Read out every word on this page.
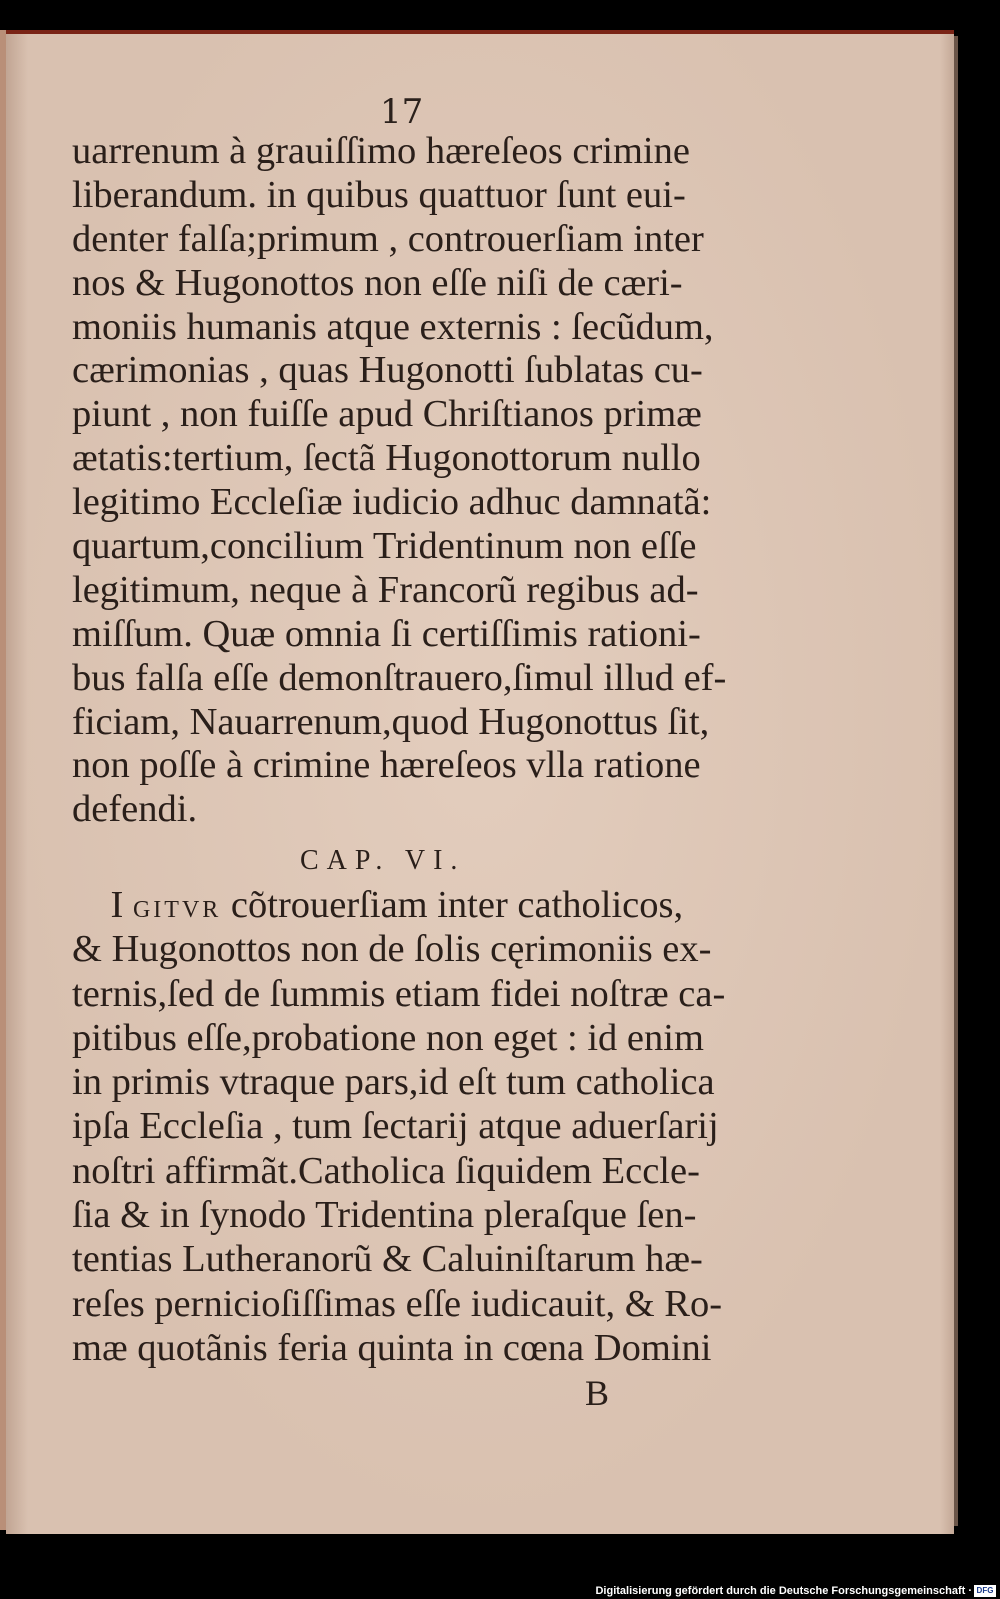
17
uarrenum à grauiſſimo hæreſeos crimine
liberandum. in quibus quattuor ſunt eui-
denter falſa;primum , controuerſiam inter
nos & Hugonottos non eſſe niſi de cæri-
moniis humanis atque externis : ſecũdum,
cærimonias , quas Hugonotti ſublatas cu-
piunt , non fuiſſe apud Chriſtianos primæ
ætatis:tertium, ſectã Hugonottorum nullo
legitimo Eccleſiæ iudicio adhuc damnatã:
quartum,concilium Tridentinum non eſſe
legitimum, neque à Francorũ regibus ad-
miſſum. Quæ omnia ſi certiſſimis rationi-
bus falſa eſſe demonſtrauero,ſimul illud ef-
ficiam, Nauarrenum,quod Hugonottus ſit,
non poſſe à crimine hæreſeos vlla ratione
defendi.
CAP. VI.
 I GITVR cõtrouerſiam inter catholicos,
& Hugonottos non de ſolis cęrimoniis ex-
ternis,ſed de ſummis etiam fidei noſtræ ca-
pitibus eſſe,probatione non eget : id enim
in primis vtraque pars,id eſt tum catholica
ipſa Eccleſia , tum ſectarij atque aduerſarij
noſtri affirmãt.Catholica ſiquidem Eccle-
ſia & in ſynodo Tridentina pleraſque ſen-
tentias Lutheranorũ & Caluiniſtarum hæ-
reſes pernicioſiſſimas eſſe iudicauit, & Ro-
mæ quotãnis feria quinta in cœna Domini
B
Digitalisierung gefördert durch die Deutsche Forschungsgemeinschaft · DFG
